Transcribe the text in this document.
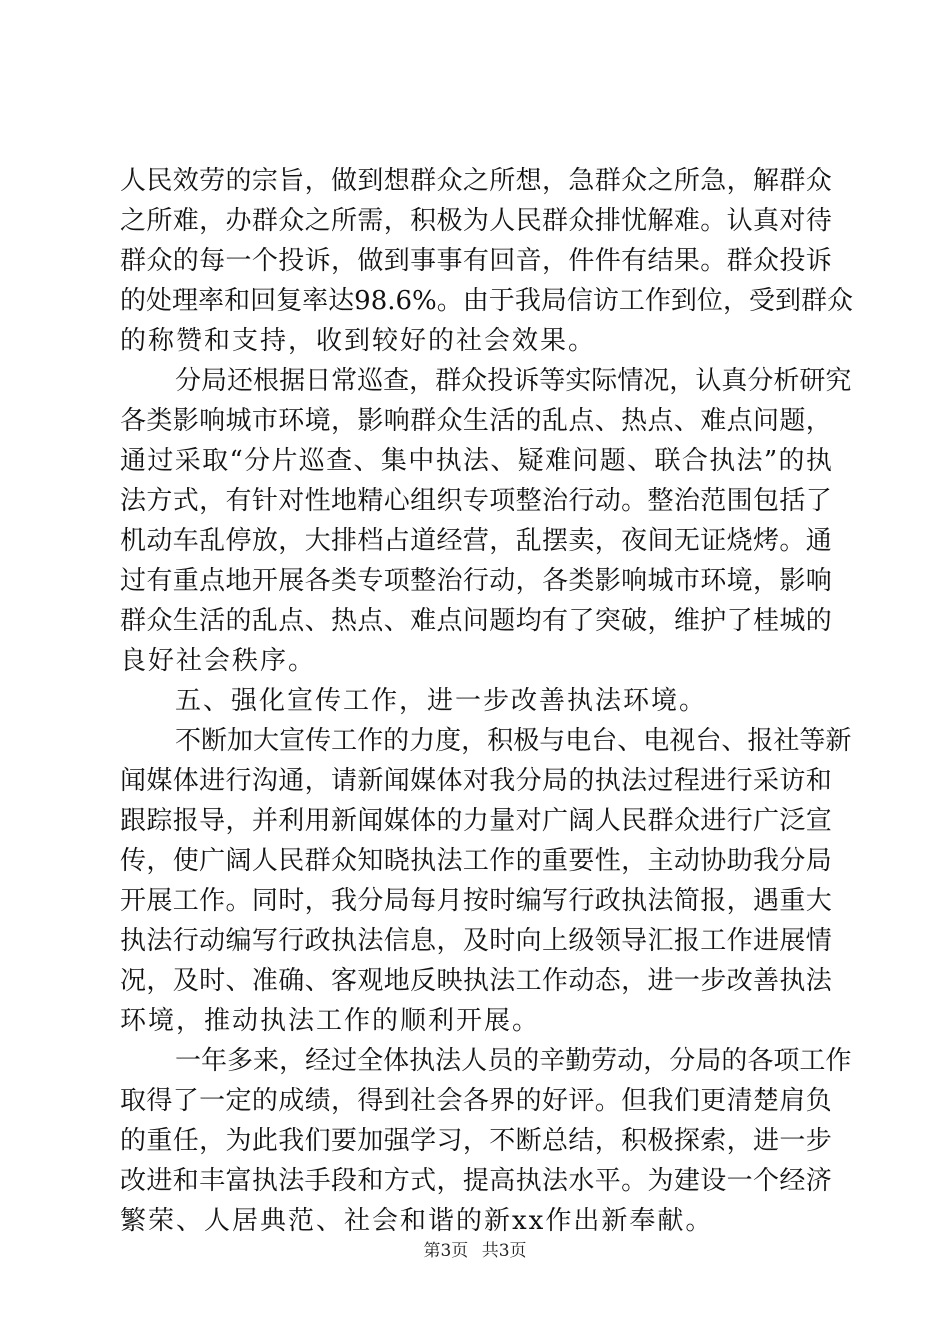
人 民 效 劳 的 宗 旨 ， 做 到 想 群 众 之 所 想 ， 急 群 众 之 所 急 ， 解 群 众
之 所 难 ， 办 群 众 之 所 需 ， 积 极 为 人 民 群 众 排 忧 解 难 。 认 真 对 待
群 众 的 每 一 个 投 诉 ， 做 到 事 事 有 回 音 ， 件 件 有 结 果 。 群 众 投 诉
的 处 理 率 和 回 复 率 达 9 8 . 6 % 。 由 于 我 局 信 访 工 作 到 位 ， 受 到 群 众
的称赞和支持，收到较好的社会效果。
分 局 还 根 据 日 常 巡 查 ， 群 众 投 诉 等 实 际 情 况 ， 认 真 分 析 研 究
各 类 影 响 城 市 环 境 ， 影 响 群 众 生 活 的 乱 点 、 热 点 、 难 点 问 题 ，
通 过 采 取 “ 分 片 巡 查 、 集 中 执 法 、 疑 难 问 题 、 联 合 执 法 ” 的 执
法 方 式 ， 有 针 对 性 地 精 心 组 织 专 项 整 治 行 动 。 整 治 范 围 包 括 了
机 动 车 乱 停 放 ， 大 排 档 占 道 经 营 ， 乱 摆 卖 ， 夜 间 无 证 烧 烤 。 通
过 有 重 点 地 开 展 各 类 专 项 整 治 行 动 ， 各 类 影 响 城 市 环 境 ， 影 响
群 众 生 活 的 乱 点 、 热 点 、 难 点 问 题 均 有 了 突 破 ， 维 护 了 桂 城 的
良好社会秩序。
五、强化宣传工作，进一步改善执法环境。
不 断 加 大 宣 传 工 作 的 力 度 ， 积 极 与 电 台 、 电 视 台 、 报 社 等 新
闻 媒 体 进 行 沟 通 ， 请 新 闻 媒 体 对 我 分 局 的 执 法 过 程 进 行 采 访 和
跟 踪 报 导 ， 并 利 用 新 闻 媒 体 的 力 量 对 广 阔 人 民 群 众 进 行 广 泛 宣
传 ， 使 广 阔 人 民 群 众 知 晓 执 法 工 作 的 重 要 性 ， 主 动 协 助 我 分 局
开 展 工 作 。 同 时 ， 我 分 局 每 月 按 时 编 写 行 政 执 法 简 报 ， 遇 重 大
执 法 行 动 编 写 行 政 执 法 信 息 ， 及 时 向 上 级 领 导 汇 报 工 作 进 展 情
况 ， 及 时 、 准 确 、 客 观 地 反 映 执 法 工 作 动 态 ， 进 一 步 改 善 执 法
环境，推动执法工作的顺利开展。
一 年 多 来 ， 经 过 全 体 执 法 人 员 的 辛 勤 劳 动 ， 分 局 的 各 项 工 作
取 得 了 一 定 的 成 绩 ， 得 到 社 会 各 界 的 好 评 。 但 我 们 更 清 楚 肩 负
的 重 任 ， 为 此 我 们 要 加 强 学 习 ， 不 断 总 结 ， 积 极 探 索 ， 进 一 步
改 进 和 丰 富 执 法 手 段 和 方 式 ， 提 高 执 法 水 平 。 为 建 设 一 个 经 济
繁荣、人居典范、社会和谐的新xx作出新奉献。
第3页 共3页
